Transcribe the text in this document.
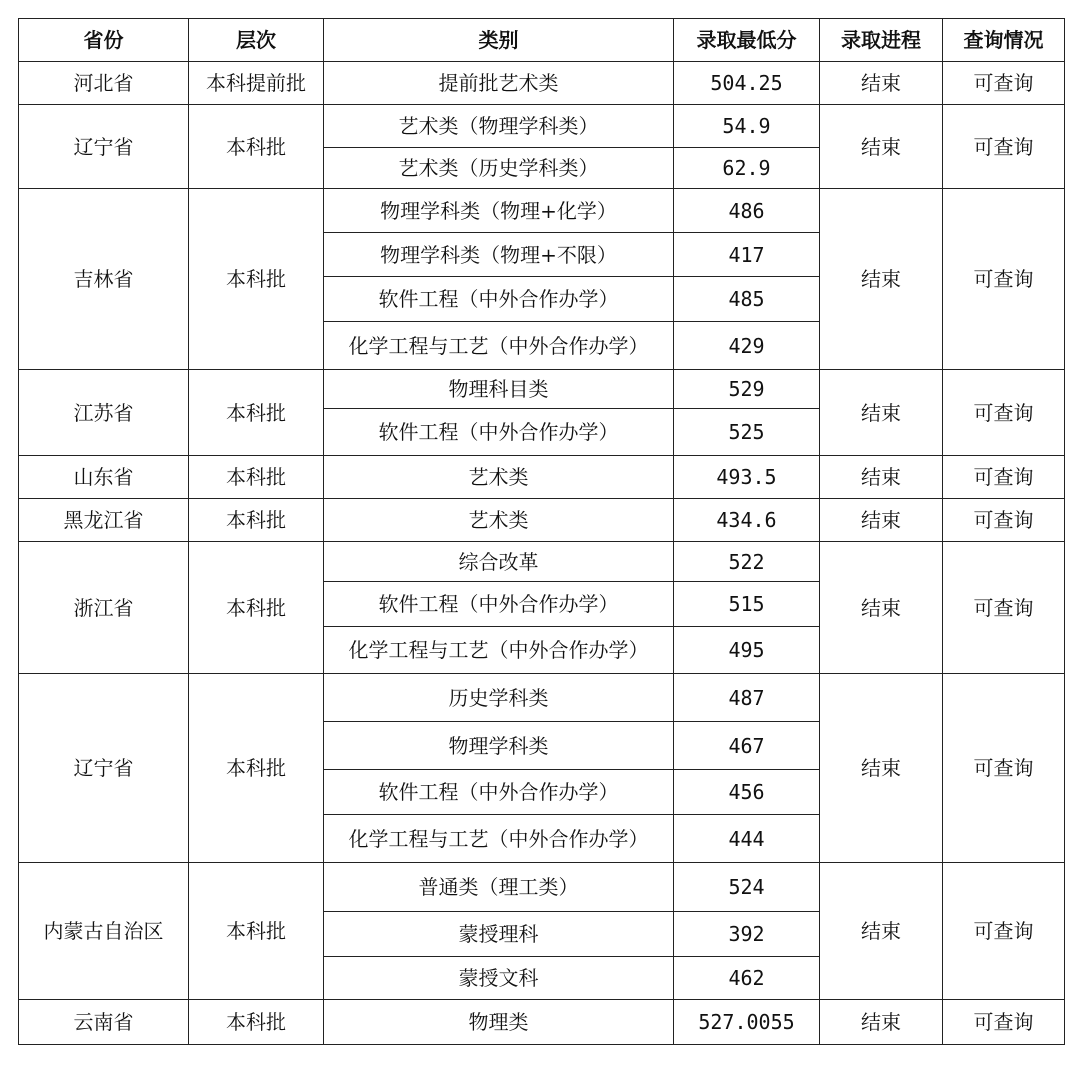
省份	层次	类别	录取最低分	录取进程	查询情况
河北省	本科提前批	提前批艺术类	504.25	结束	可查询
辽宁省	本科批	艺术类（物理学科类）	54.9	结束	可查询
		艺术类（历史学科类）	62.9		
吉林省	本科批	物理学科类（物理+化学）	486	结束	可查询
		物理学科类（物理+不限）	417		
		软件工程（中外合作办学）	485		
		化学工程与工艺（中外合作办学）	429		
江苏省	本科批	物理科目类	529	结束	可查询
		软件工程（中外合作办学）	525		
山东省	本科批	艺术类	493.5	结束	可查询
黑龙江省	本科批	艺术类	434.6	结束	可查询
浙江省	本科批	综合改革	522	结束	可查询
		软件工程（中外合作办学）	515		
		化学工程与工艺（中外合作办学）	495		
辽宁省	本科批	历史学科类	487	结束	可查询
		物理学科类	467		
		软件工程（中外合作办学）	456		
		化学工程与工艺（中外合作办学）	444		
内蒙古自治区	本科批	普通类（理工类）	524	结束	可查询
		蒙授理科	392		
		蒙授文科	462		
云南省	本科批	物理类	527.0055	结束	可查询
